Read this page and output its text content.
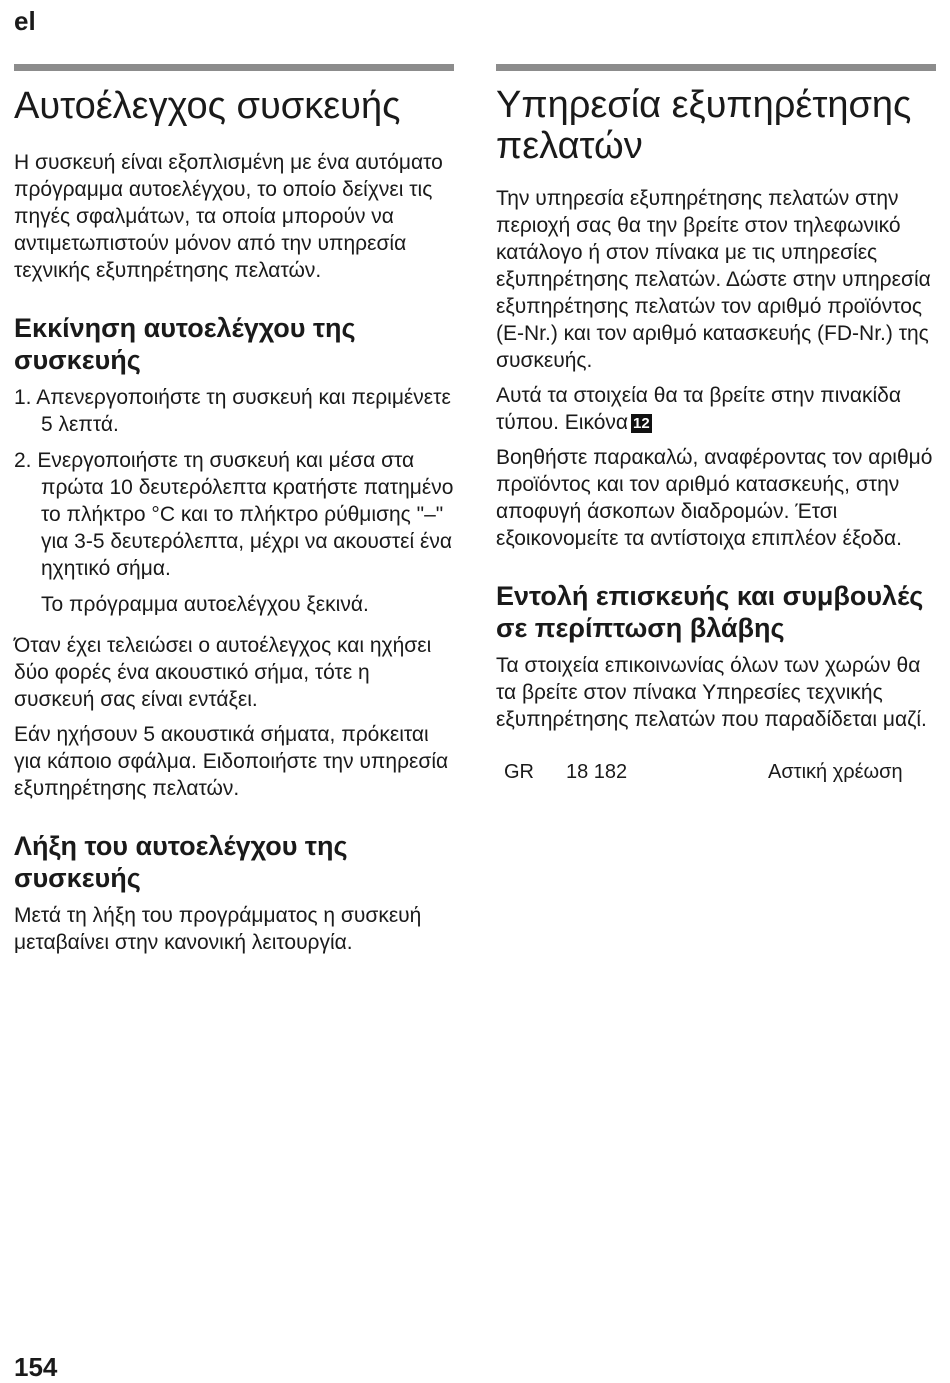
el
Αυτοέλεγχος συσκευής

Η συσκευή είναι εξοπλισμένη με ένα αυτόματο πρόγραμμα αυτοελέγχου, το οποίο δείχνει τις πηγές σφαλμάτων, τα οποία μπορούν να αντιμετωπιστούν μόνον από την υπηρεσία τεχνικής εξυπηρέτησης πελατών.

Εκκίνηση αυτοελέγχου της συσκευής
1. Απενεργοποιήστε τη συσκευή και περιμένετε 5 λεπτά.
2. Ενεργοποιήστε τη συσκευή και μέσα στα πρώτα 10 δευτερόλεπτα κρατήστε πατημένο το πλήκτρο °C και το πλήκτρο ρύθμισης "–" για 3-5 δευτερόλεπτα, μέχρι να ακουστεί ένα ηχητικό σήμα.

Το πρόγραμμα αυτοελέγχου ξεκινά.

Όταν έχει τελειώσει ο αυτοέλεγχος και ηχήσει δύο φορές ένα ακουστικό σήμα, τότε η συσκευή σας είναι εντάξει.

Εάν ηχήσουν 5 ακουστικά σήματα, πρόκειται για κάποιο σφάλμα. Ειδοποιήστε την υπηρεσία εξυπηρέτησης πελατών.

Λήξη του αυτοελέγχου της συσκευής

Μετά τη λήξη του προγράμματος η συσκευή μεταβαίνει στην κανονική λειτουργία.

Υπηρεσία εξυπηρέτησης πελατών

Την υπηρεσία εξυπηρέτησης πελατών στην περιοχή σας θα την βρείτε στον τηλεφωνικό κατάλογο ή στον πίνακα με τις υπηρεσίες εξυπηρέτησης πελατών. Δώστε στην υπηρεσία εξυπηρέτησης πελατών τον αριθμό προϊόντος (E-Nr.) και τον αριθμό κατασκευής (FD-Nr.) της συσκευής.

Αυτά τα στοιχεία θα τα βρείτε στην πινακίδα τύπου. Εικόνα 12

Βοηθήστε παρακαλώ, αναφέροντας τον αριθμό προϊόντος και τον αριθμό κατασκευής, στην αποφυγή άσκοπων διαδρομών. Έτσι εξοικονομείτε τα αντίστοιχα επιπλέον έξοδα.

Εντολή επισκευής και συμβουλές σε περίπτωση βλάβης

Τα στοιχεία επικοινωνίας όλων των χωρών θα τα βρείτε στον πίνακα Υπηρεσίες τεχνικής εξυπηρέτησης πελατών που παραδίδεται μαζί.

GR	18 182	Αστική χρέωση
154
